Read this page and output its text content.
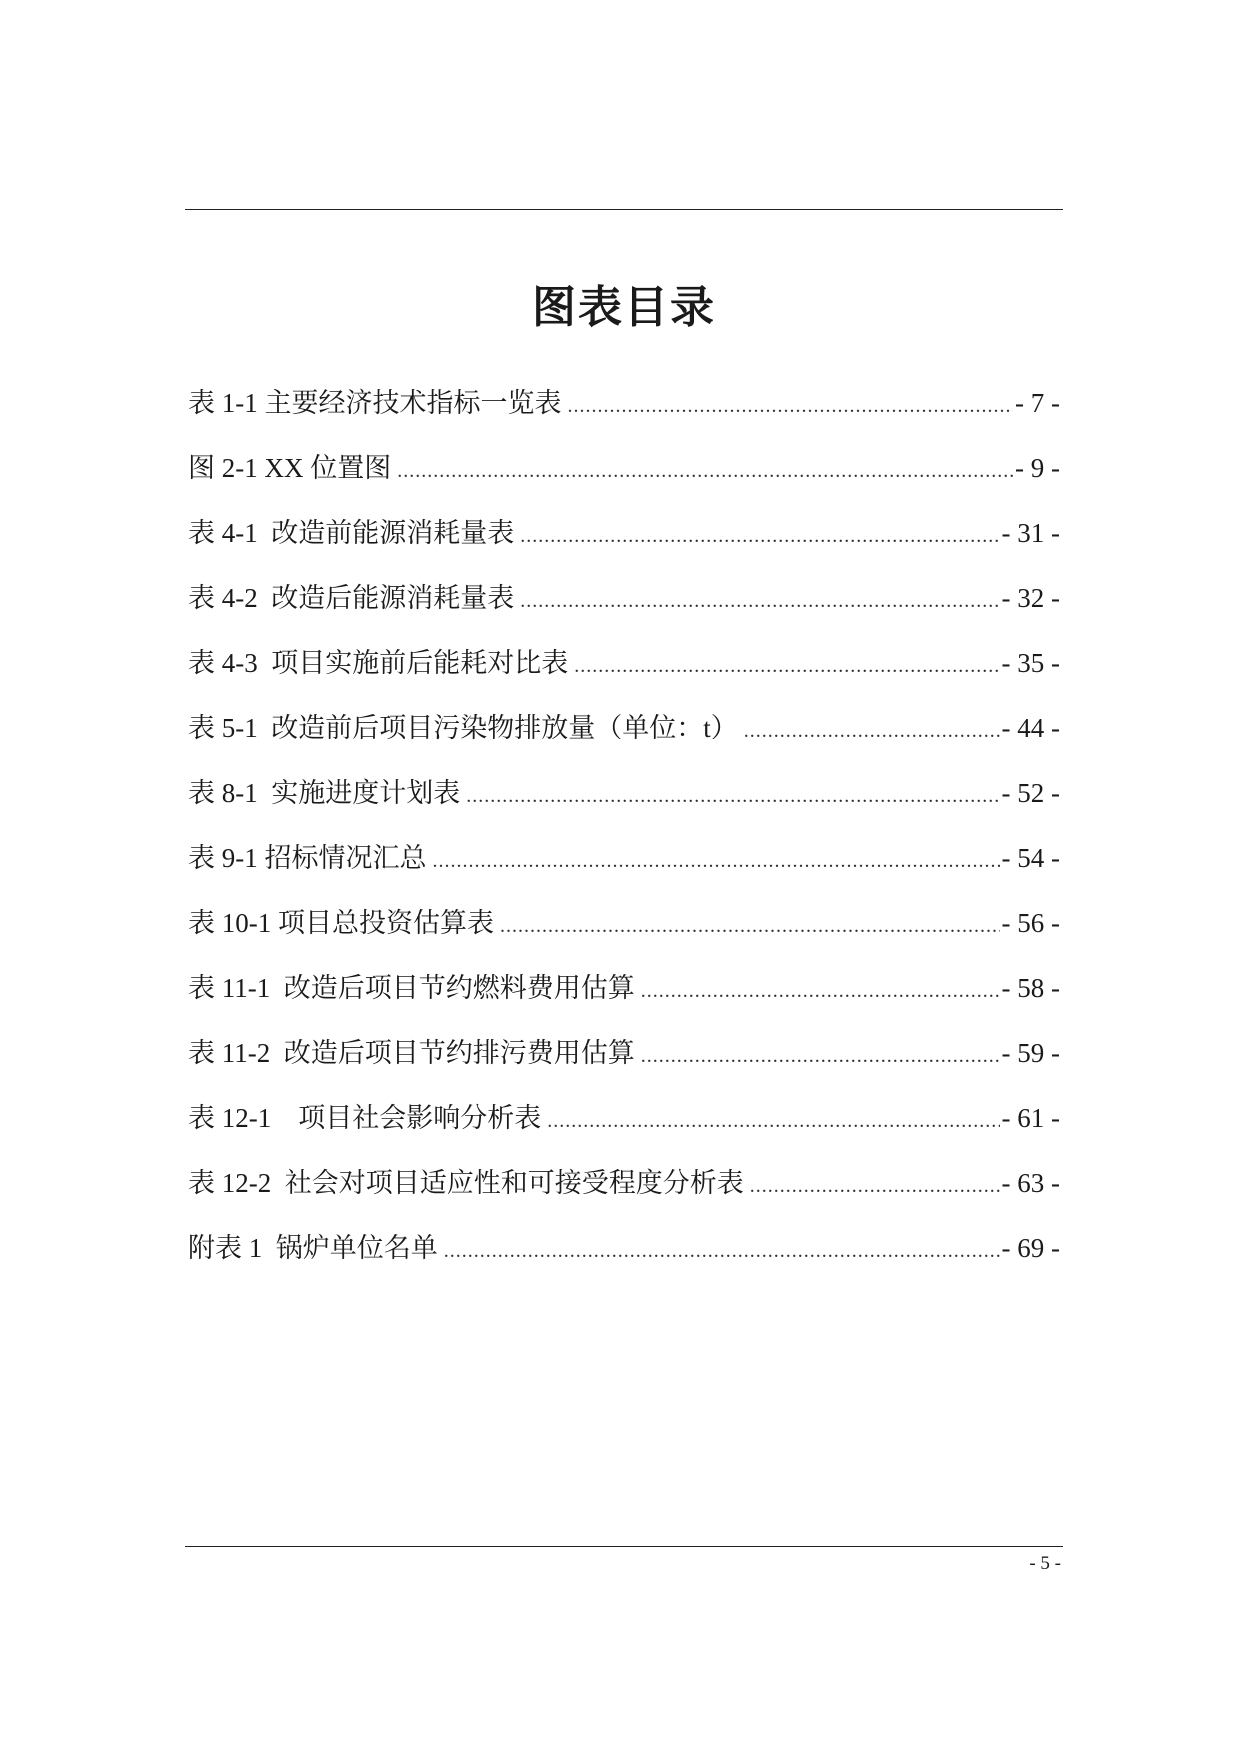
图表目录
表 1-1 主要经济技术指标一览表 .....	- 7 -
图 2-1 XX 位置图 .....	- 9 -
表 4-1  改造前能源消耗量表 .....	- 31 -
表 4-2  改造后能源消耗量表 .....	- 32 -
表 4-3  项目实施前后能耗对比表 .....	- 35 -
表 5-1  改造前后项目污染物排放量（单位：t） .....	- 44 -
表 8-1  实施进度计划表 .....	- 52 -
表 9-1 招标情况汇总 .....	- 54 -
表 10-1 项目总投资估算表 .....	- 56 -
表 11-1  改造后项目节约燃料费用估算 .....	- 58 -
表 11-2  改造后项目节约排污费用估算 .....	- 59 -
表 12-1    项目社会影响分析表 .....	- 61 -
表 12-2  社会对项目适应性和可接受程度分析表 .....	- 63 -
附表 1  锅炉单位名单 .....	- 69 -
- 5 -
